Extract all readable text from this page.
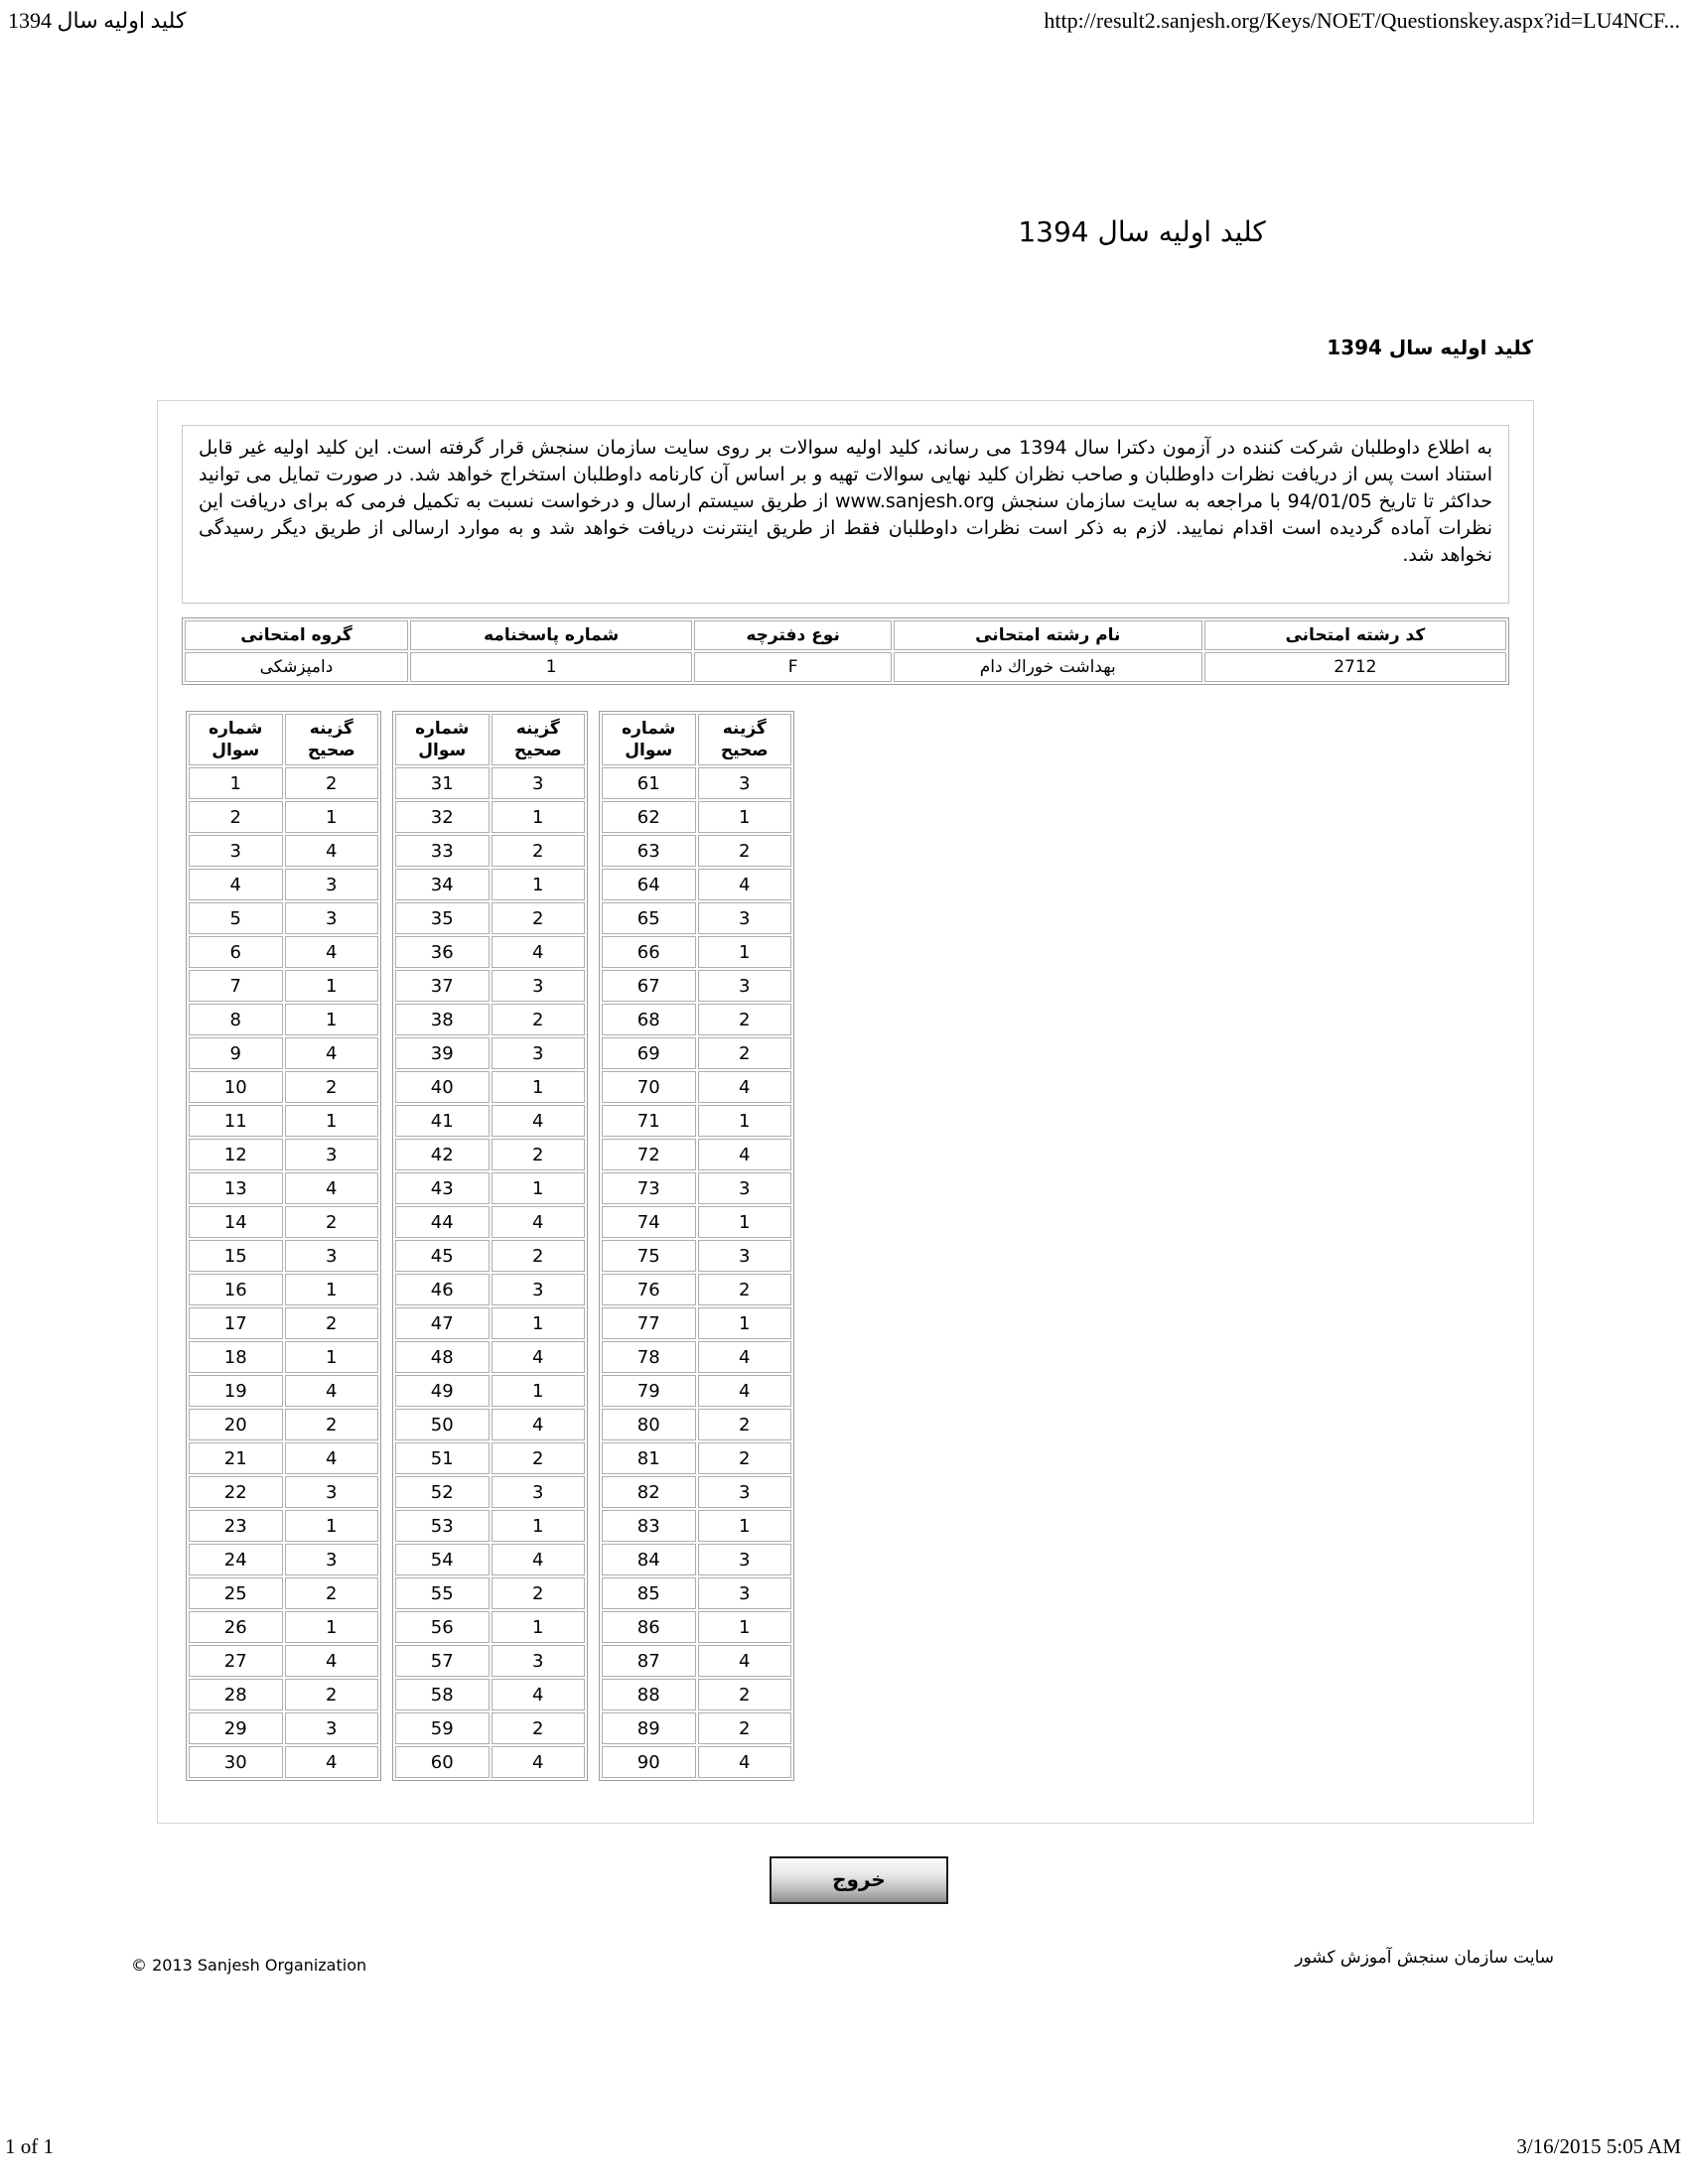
کلید اولیه سال 1394	http://result2.sanjesh.org/Keys/NOET/Questionskey.aspx?id=LU4NCF...
کلید اولیه سال 1394
کلید اولیه سال 1394
به اطلاع داوطلبان شرکت کننده در آزمون دکترا سال 1394 می رساند، کلید اولیه سوالات بر روی سایت سازمان سنجش قرار گرفته است. این کلید اولیه غیر قابل استناد است پس از دریافت نظرات داوطلبان و صاحب نظران کلید نهایی سوالات تهیه و بر اساس آن کارنامه داوطلبان استخراج خواهد شد. در صورت تمایل می توانید حداکثر تا تاریخ 94/01/05 با مراجعه به سایت سازمان سنجش www.sanjesh.org از طریق سیستم ارسال و درخواست نسبت به تکمیل فرمی که برای دریافت این نظرات آماده گردیده است اقدام نمایید. لازم به ذکر است نظرات داوطلبان فقط از طریق اینترنت دریافت خواهد شد و به موارد ارسالی از طریق دیگر رسیدگی نخواهد شد.
کد رشته امتحانی	نام رشته امتحانی	نوع دفترچه	شماره پاسخنامه	گروه امتحانی
2712	بهداشت خوراك دام	F	1	دامپزشکی
شماره
سوال	گزینه
صحیح
1	2
2	1
3	4
4	3
5	3
6	4
7	1
8	1
9	4
10	2
11	1
12	3
13	4
14	2
15	3
16	1
17	2
18	1
19	4
20	2
21	4
22	3
23	1
24	3
25	2
26	1
27	4
28	2
29	3
30	4
شماره
سوال	گزینه
صحیح
31	3
32	1
33	2
34	1
35	2
36	4
37	3
38	2
39	3
40	1
41	4
42	2
43	1
44	4
45	2
46	3
47	1
48	4
49	1
50	4
51	2
52	3
53	1
54	4
55	2
56	1
57	3
58	4
59	2
60	4
شماره
سوال	گزینه
صحیح
61	3
62	1
63	2
64	4
65	3
66	1
67	3
68	2
69	2
70	4
71	1
72	4
73	3
74	1
75	3
76	2
77	1
78	4
79	4
80	2
81	2
82	3
83	1
84	3
85	3
86	1
87	4
88	2
89	2
90	4
خروج
© 2013 Sanjesh Organization	سایت سازمان سنجش آموزش کشور
1 of 1	3/16/2015 5:05 AM
